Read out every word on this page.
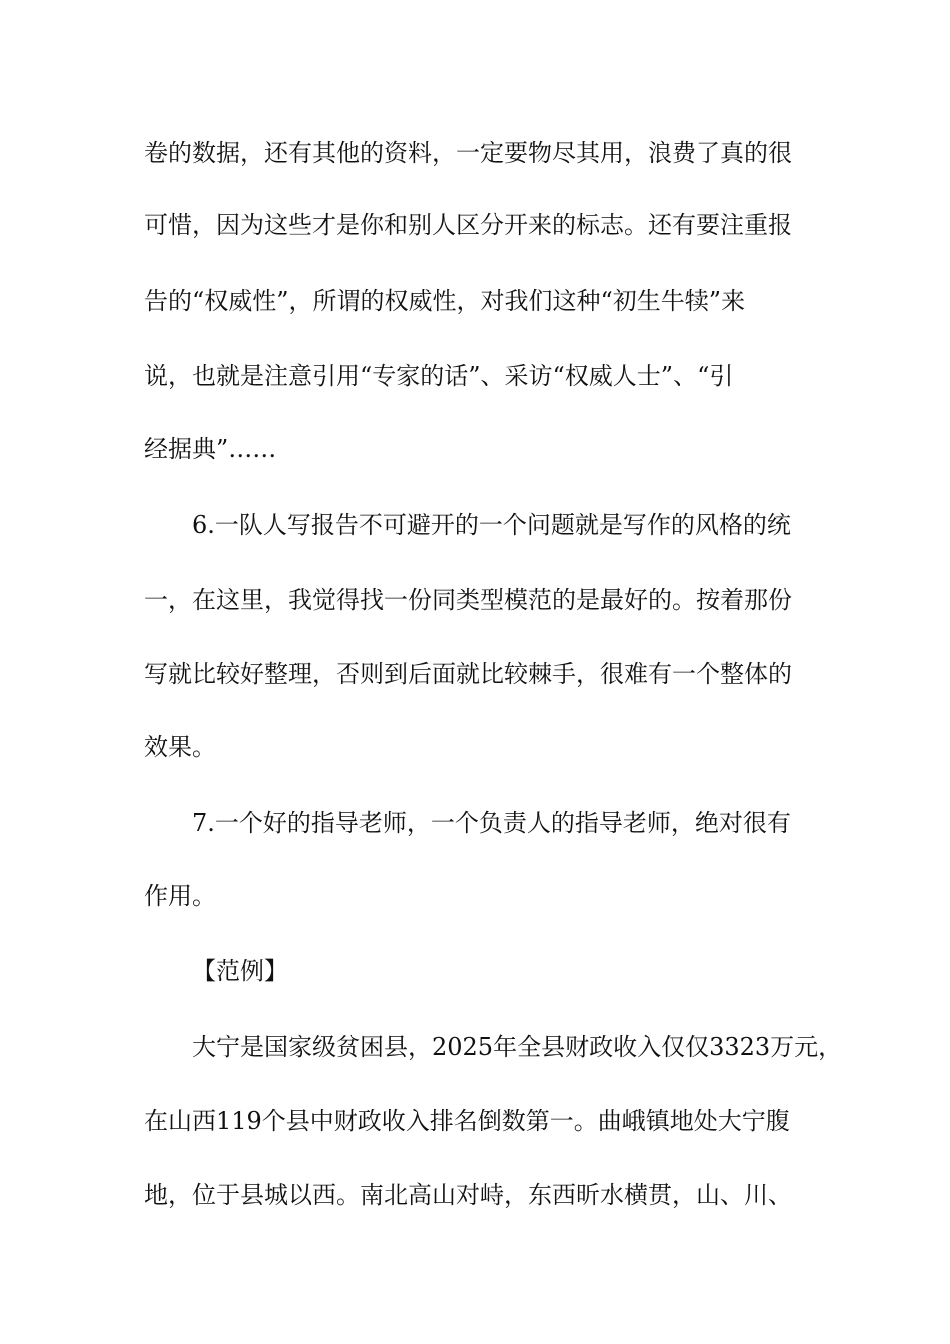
卷的数据，还有其他的资料，一定要物尽其用，浪费了真的很
可惜，因为这些才是你和别人区分开来的标志。还有要注重报
告的“权威性”，所谓的权威性，对我们这种“初生牛犊”来
说，也就是注意引用“专家的话”、采访“权威人士”、“引
经据典”……
6.一队人写报告不可避开的一个问题就是写作的风格的统
一，在这里，我觉得找一份同类型模范的是最好的。按着那份
写就比较好整理，否则到后面就比较棘手，很难有一个整体的
效果。
7.一个好的指导老师，一个负责人的指导老师，绝对很有
作用。
【范例】
大宁是国家级贫困县，2025年全县财政收入仅仅3323万元，
在山西119个县中财政收入排名倒数第一。曲峨镇地处大宁腹
地，位于县城以西。南北高山对峙，东西昕水横贯，山、川、
